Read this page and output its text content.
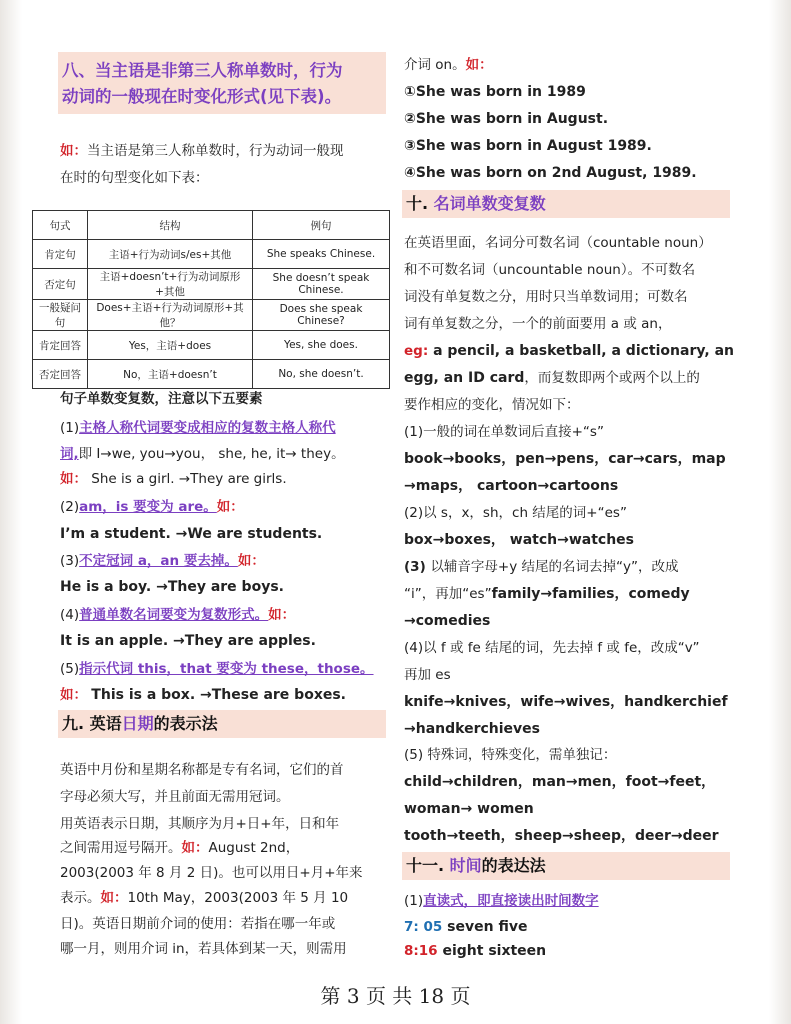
八、当主语是非第三人称单数时，行为
动词的一般现在时变化形式(见下表)。
如：当主语是第三人称单数时，行为动词一般现
在时的句型变化如下表：
句式	结构	例句
肯定句	主语+行为动词s/es+其他	She speaks Chinese.
否定句	主语+doesn’t+行为动词原形+其他	She doesn’t speak Chinese.
一般疑问句	Does+主语+行为动词原形+其他？	Does she speak Chinese?
肯定回答	Yes，主语+does	Yes, she does.
否定回答	No，主语+doesn’t	No, she doesn’t.
句子单数变复数，注意以下五要素
(1)主格人称代词要变成相应的复数主格人称代
词,即 I→we, you→you， she, he, it→ they。
如： She is a girl. →They are girls.
(2)am，is 要变为 are。如：
I’m a student. →We are students.
(3)不定冠词 a，an 要去掉。如：
He is a boy. →They are boys.
(4)普通单数名词要变为复数形式。如：
It is an apple. →They are apples.
(5)指示代词 this，that 要变为 these，those。
如： This is a box. →These are boxes.
九. 英语日期的表示法
英语中月份和星期名称都是专有名词，它们的首
字母必须大写，并且前面无需用冠词。
用英语表示日期，其顺序为月+日+年，日和年
之间需用逗号隔开。如：August 2nd，
2003(2003 年 8 月 2 日)。也可以用日+月+年来
表示。如：10th May，2003(2003 年 5 月 10
日)。英语日期前介词的使用：若指在哪一年或
哪一月，则用介词 in，若具体到某一天，则需用
介词 on。如：
①She was born in 1989
②She was born in August.
③She was born in August 1989.
④She was born on 2nd August, 1989.
十. 名词单数变复数
在英语里面，名词分可数名词（countable noun）
和不可数名词（uncountable noun）。不可数名
词没有单复数之分，用时只当单数词用；可数名
词有单复数之分，一个的前面要用 a 或 an，
eg: a pencil, a basketball, a dictionary, an
egg, an ID card，而复数即两个或两个以上的
要作相应的变化，情况如下：
(1)一般的词在单数词后直接+“s”
book→books，pen→pens，car→cars，map
→maps， cartoon→cartoons
(2)以 s，x，sh，ch 结尾的词+“es”
box→boxes， watch→watches
(3) 以辅音字母+y 结尾的名词去掉“y”，改成
“i”，再加“es”family→families，comedy
→comedies
(4)以 f 或 fe 结尾的词，先去掉 f 或 fe，改成“v”
再加 es
knife→knives，wife→wives，handkerchief
→handkerchieves
(5) 特殊词，特殊变化，需单独记：
child→children，man→men，foot→feet，
woman→ women
tooth→teeth，sheep→sheep，deer→deer
十一. 时间的表达法
(1)直读式，即直接读出时间数字
7: 05 seven five
8:16 eight sixteen
第 3 页 共 18 页
